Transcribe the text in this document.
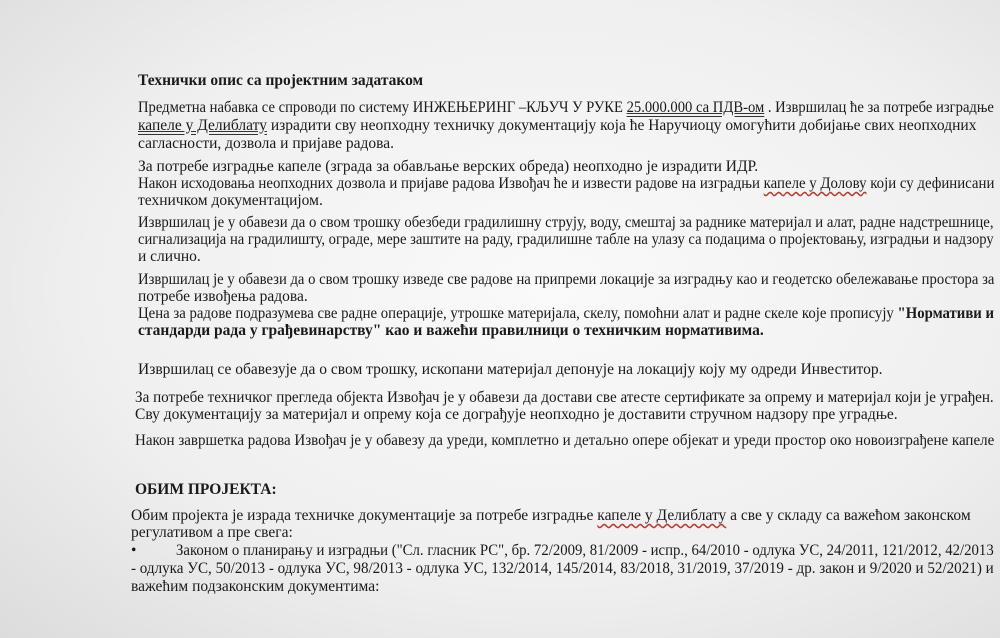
Технички опис са пројектним задатаком
Предметна набавка се спроводи по систему ИНЖЕЊЕРИНГ –КЉУЧ У РУКЕ 25.000.000 са ПДВ-ом . Извршилац ће за потребе изградње
капеле у Делиблату израдити сву неопходну техничку документацију која ће Наручиоцу омогућити добијање свих неопходних
сагласности, дозвола и пријаве радова.
За потребе изградње капеле (зграда за обављање верских обреда) неопходно је израдити ИДР.
Након исходовања неопходних дозвола и пријаве радова Извођач ће и извести радове на изградњи капеле у Долову који су дефинисани
техничком документацијом.
Извршилац је у обавези да о свом трошку обезбеди градилишну струју, воду, смештај за раднике материјал и алат, радне надстрешнице,
сигнализација на градилишту, ограде, мере заштите на раду, градилишне табле на улазу са подацима о пројектовању, изградњи и надзору
и слично.
Извршилац је у обавези да о свом трошку изведе све радове на припреми локације за изградњу као и геодетско обележавање простора за
потребе извођења радова.
Цена за радове подразумева све радне операције, утрошке материјала, скелу, помоћни алат и радне скеле које прописују "Нормативи и
стандарди рада у грађевинарству" као и важећи правилници о техничким нормативима.
Извршилац се обавезује да о свом трошку, ископани материјал депонује на локацију коју му одреди Инвеститор.
За потребе техничког прегледа објекта Извођач је у обавези да достави све атесте сертификате за опрему и материјал који је уграђен.
Сву документацију за материјал и опрему која се дограђује неопходно је доставити стручном надзору пре уградње.
Након завршетка радова Извођач је у обавезу да уреди, комплетно и детаљно опере објекат и уреди простор око новоизграђене капеле
ОБИМ ПРОЈЕКТА:
Обим пројекта је израда техничке документације за потребе изградње капеле у Делиблату а све у складу са важећом законском
регулативом а пре свега:
•	Законом о планирању и изградњи ("Сл. гласник РС", бр. 72/2009, 81/2009 - испр., 64/2010 - одлука УС, 24/2011, 121/2012, 42/2013
- одлука УС, 50/2013 - одлука УС, 98/2013 - одлука УС, 132/2014, 145/2014, 83/2018, 31/2019, 37/2019 - др. закон и 9/2020 и 52/2021) и
важећим подзаконским документима:
